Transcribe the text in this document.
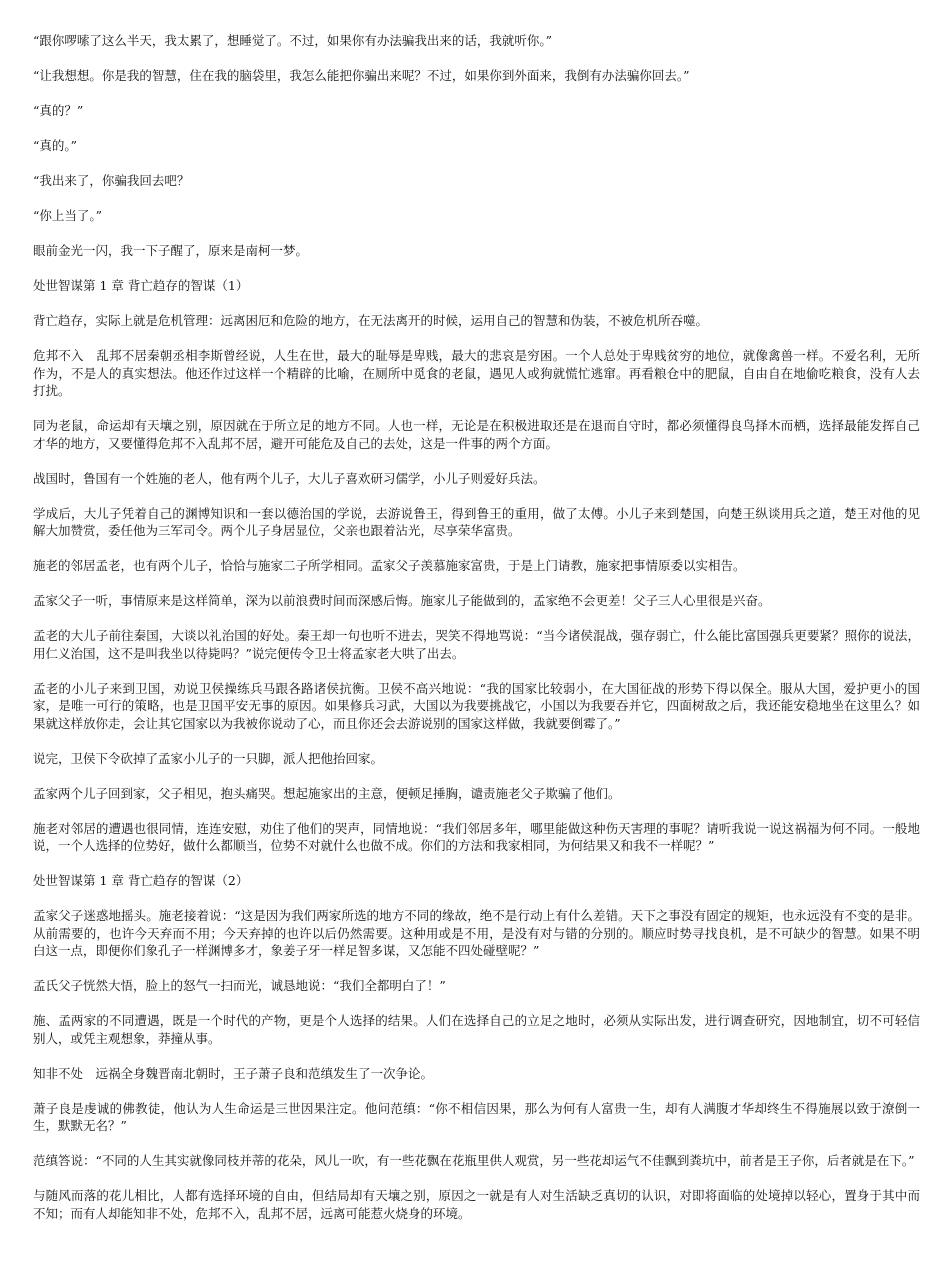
“跟你啰嗦了这么半天，我太累了，想睡觉了。不过，如果你有办法骗我出来的话，我就听你。”

“让我想想。你是我的智慧，住在我的脑袋里，我怎么能把你骗出来呢？不过，如果你到外面来，我倒有办法骗你回去。”

“真的？”

“真的。”

“我出来了，你骗我回去吧？

“你上当了。”

眼前金光一闪，我一下子醒了，原来是南柯一梦。

处世智谋第 1 章 背亡趋存的智谋（1）

背亡趋存，实际上就是危机管理：远离困厄和危险的地方，在无法离开的时候，运用自己的智慧和伪装，不被危机所吞噬。

危邦不入　乱邦不居秦朝丞相李斯曾经说，人生在世，最大的耻辱是卑贱，最大的悲哀是穷困。一个人总处于卑贱贫穷的地位，就像禽兽一样。不爱名利，无所作为，不是人的真实想法。他还作过这样一个精辟的比喻，在厕所中觅食的老鼠，遇见人或狗就慌忙逃窜。再看粮仓中的肥鼠，自由自在地偷吃粮食，没有人去打扰。

同为老鼠，命运却有天壤之别，原因就在于所立足的地方不同。人也一样，无论是在积极进取还是在退而自守时，都必须懂得良鸟择木而栖，选择最能发挥自己才华的地方，又要懂得危邦不入乱邦不居，避开可能危及自己的去处，这是一件事的两个方面。

战国时，鲁国有一个姓施的老人，他有两个儿子，大儿子喜欢研习儒学，小儿子则爱好兵法。

学成后，大儿子凭着自己的渊博知识和一套以德治国的学说，去游说鲁王，得到鲁王的重用，做了太傅。小儿子来到楚国，向楚王纵谈用兵之道，楚王对他的见解大加赞赏，委任他为三军司令。两个儿子身居显位，父亲也跟着沾光，尽享荣华富贵。

施老的邻居孟老，也有两个儿子，恰恰与施家二子所学相同。孟家父子羡慕施家富贵，于是上门请教，施家把事情原委以实相告。

孟家父子一听，事情原来是这样简单，深为以前浪费时间而深感后悔。施家儿子能做到的，孟家绝不会更差！父子三人心里很是兴奋。

孟老的大儿子前往秦国，大谈以礼治国的好处。秦王却一句也听不进去，哭笑不得地骂说：“当今诸侯混战，强存弱亡，什么能比富国强兵更要紧？照你的说法，用仁义治国，这不是叫我坐以待毙吗？”说完便传令卫士将孟家老大哄了出去。

孟老的小儿子来到卫国，劝说卫侯操练兵马跟各路诸侯抗衡。卫侯不高兴地说：“我的国家比较弱小，在大国征战的形势下得以保全。服从大国，爱护更小的国家，是唯一可行的策略，也是卫国平安无事的原因。如果修兵习武，大国以为我要挑战它，小国以为我要吞并它，四面树敌之后，我还能安稳地坐在这里么？如果就这样放你走，会让其它国家以为我被你说动了心，而且你还会去游说别的国家这样做，我就要倒霉了。”

说完，卫侯下令砍掉了孟家小儿子的一只脚，派人把他抬回家。

孟家两个儿子回到家，父子相见，抱头痛哭。想起施家出的主意，便顿足捶胸，谴责施老父子欺骗了他们。

施老对邻居的遭遇也很同情，连连安慰，劝住了他们的哭声，同情地说：“我们邻居多年，哪里能做这种伤天害理的事呢？请听我说一说这祸福为何不同。一般地说，一个人选择的位势好，做什么都顺当，位势不对就什么也做不成。你们的方法和我家相同，为何结果又和我不一样呢？”

处世智谋第 1 章 背亡趋存的智谋（2）

孟家父子迷惑地摇头。施老接着说：“这是因为我们两家所选的地方不同的缘故，绝不是行动上有什么差错。天下之事没有固定的规矩，也永远没有不变的是非。从前需要的，也许今天弃而不用；今天弃掉的也许以后仍然需要。这种用或是不用，是没有对与错的分别的。顺应时势寻找良机，是不可缺少的智慧。如果不明白这一点，即便你们象孔子一样渊博多才，象姜子牙一样足智多谋，又怎能不四处碰壁呢？”

孟氏父子恍然大悟，脸上的怒气一扫而光，诚恳地说：“我们全都明白了！”

施、孟两家的不同遭遇，既是一个时代的产物，更是个人选择的结果。人们在选择自己的立足之地时，必须从实际出发，进行调查研究，因地制宜，切不可轻信别人，或凭主观想象，莽撞从事。

知非不处　远祸全身魏晋南北朝时，王子萧子良和范缜发生了一次争论。

萧子良是虔诚的佛教徒，他认为人生命运是三世因果注定。他问范缜：“你不相信因果，那么为何有人富贵一生，却有人满腹才华却终生不得施展以致于潦倒一生，默默无名？”

范缜答说：“不同的人生其实就像同枝并蒂的花朵，风儿一吹，有一些花飘在花瓶里供人观赏，另一些花却运气不佳飘到粪坑中，前者是王子你，后者就是在下。”

与随风而落的花儿相比，人都有选择环境的自由，但结局却有天壤之别，原因之一就是有人对生活缺乏真切的认识，对即将面临的处境掉以轻心，置身于其中而不知；而有人却能知非不处，危邦不入，乱邦不居，远离可能惹火烧身的环境。
